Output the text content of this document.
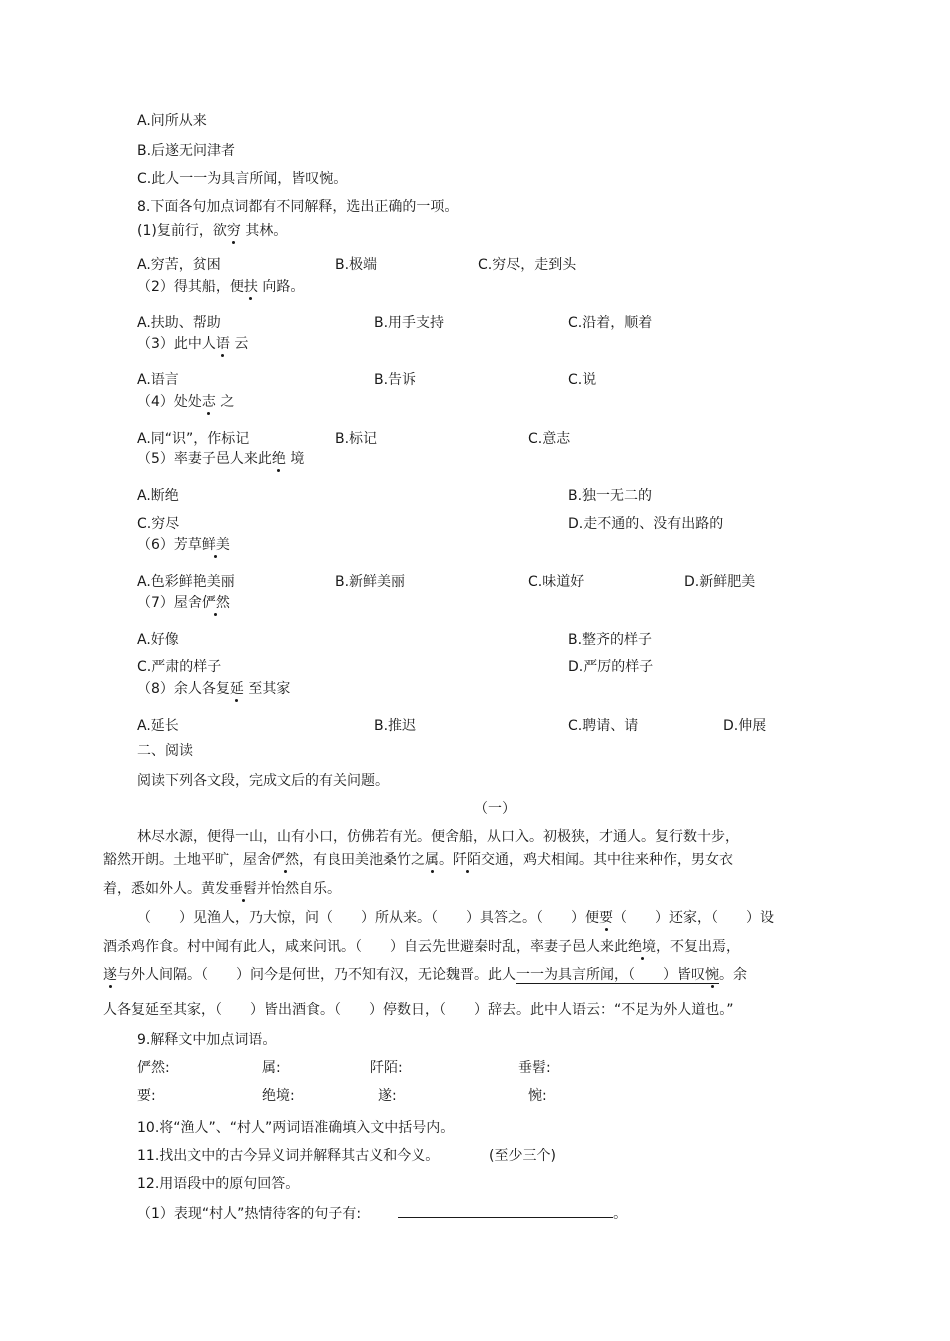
A.问所从来
B.后遂无问津者
C.此人一一为具言所闻，皆叹惋。
8.下面各句加点词都有不同解释，选出正确的一项。
(1)复前行，欲穷 其林。
A.穷苦，贫困	B.极端	C.穷尽，走到头
（2）得其船，便扶 向路。
A.扶助、帮助	B.用手支持	C.沿着，顺着
（3）此中人语 云
A.语言	B.告诉	C.说
（4）处处志 之
A.同“识”，作标记	B.标记	C.意志
（5）率妻子邑人来此绝 境
A.断绝	B.独一无二的
C.穷尽	D.走不通的、没有出路的
（6）芳草鲜美
A.色彩鲜艳美丽	B.新鲜美丽	C.味道好	D.新鲜肥美
（7）屋舍俨然
A.好像	B.整齐的样子
C.严肃的样子	D.严厉的样子
（8）余人各复延 至其家
A.延长	B.推迟	C.聘请、请	D.伸展
二、阅读
阅读下列各文段，完成文后的有关问题。
（一）
林尽水源，便得一山，山有小口，仿佛若有光。便舍船，从口入。初极狭，才通人。复行数十步，
豁然开朗。土地平旷，屋舍俨然，有良田美池桑竹之属。阡陌交通，鸡犬相闻。其中往来种作，男女衣
着，悉如外人。黄发垂髫并怡然自乐。
（　　）见渔人，乃大惊，问（　　）所从来。（　　）具答之。（　　）便要（　　）还家，（　　）设
酒杀鸡作食。村中闻有此人，咸来问讯。（　　）自云先世避秦时乱，率妻子邑人来此绝境，不复出焉，
遂与外人间隔。（　　）问今是何世，乃不知有汉，无论魏晋。此人一一为具言所闻，（　　）皆叹惋。余
人各复延至其家，（　　）皆出酒食。（　　）停数日，（　　）辞去。此中人语云：“不足为外人道也。”
9.解释文中加点词语。
俨然:	属:	阡陌:	垂髫:
要:	绝境:	遂:	惋:
10.将“渔人”、“村人”两词语准确填入文中括号内。
11.找出文中的古今异义词并解释其古义和今义。	(至少三个)
12.用语段中的原句回答。
（1）表现“村人”热情待客的句子有:	。
